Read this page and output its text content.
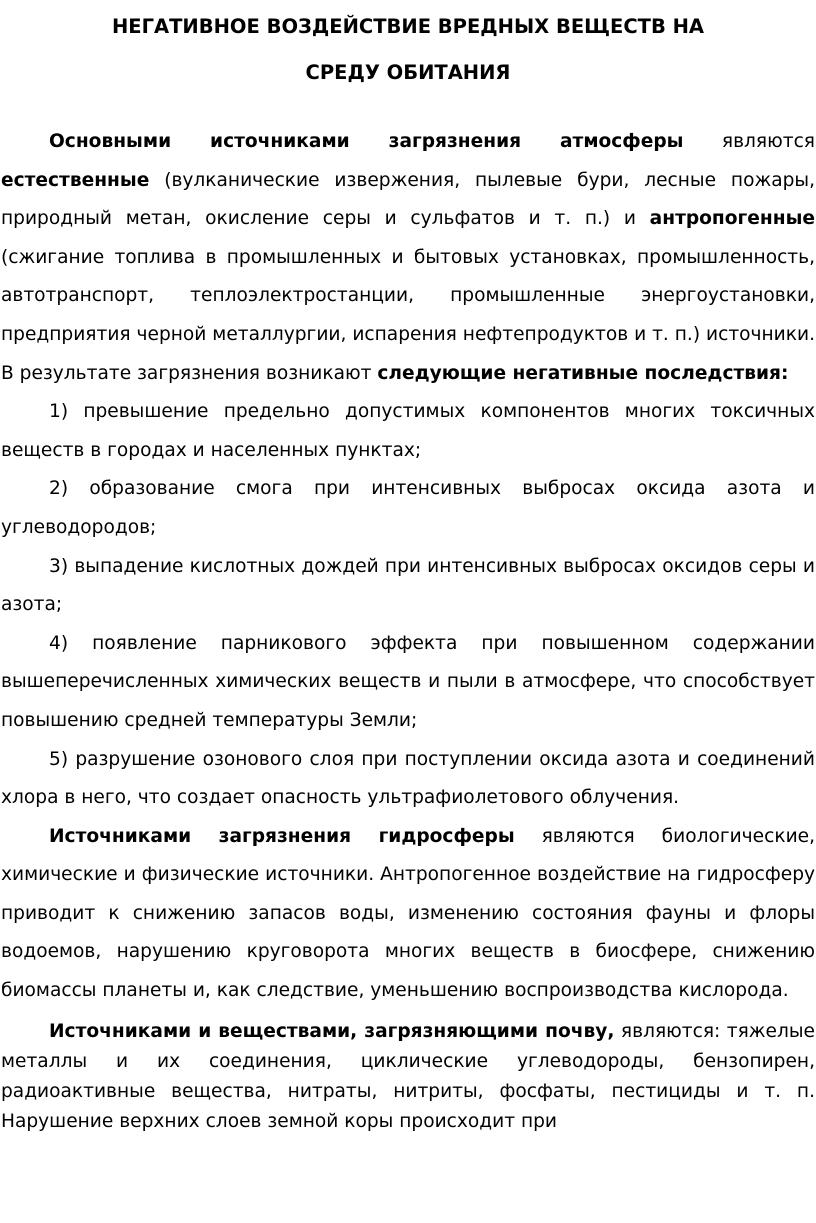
НЕГАТИВНОЕ ВОЗДЕЙСТВИЕ ВРЕДНЫХ ВЕЩЕСТВ НА
СРЕДУ ОБИТАНИЯ

Основными источниками загрязнения атмосферы являются естественные (вулканические извержения, пылевые бури, лесные пожары, природный метан, окисление серы и сульфатов и т. п.) и антропогенные (сжигание топлива в промышленных и бытовых установках, промышленность, автотранспорт, теплоэлектростанции, промышленные энергоустановки, предприятия черной металлургии, испарения нефтепродуктов и т. п.) источники. В результате загрязнения возникают следующие негативные последствия:

1) превышение предельно допустимых компонентов многих токсичных веществ в городах и населенных пунктах;

2) образование смога при интенсивных выбросах оксида азота и углеводородов;

3) выпадение кислотных дождей при интенсивных выбросах оксидов серы и азота;

4) появление парникового эффекта при повышенном содержании вышеперечисленных химических веществ и пыли в атмосфере, что способствует повышению средней температуры Земли;

5) разрушение озонового слоя при поступлении оксида азота и соединений хлора в него, что создает опасность ультрафиолетового облучения.

Источниками загрязнения гидросферы являются биологические, химические и физические источники. Антропогенное воздействие на гидросферу приводит к снижению запасов воды, изменению состояния фауны и флоры водоемов, нарушению круговорота многих веществ в биосфере, снижению биомассы планеты и, как следствие, уменьшению воспроизводства кислорода.

Источниками и веществами, загрязняющими почву, являются: тяжелые металлы и их соединения, циклические углеводороды, бензопирен, радиоактивные вещества, нитраты, нитриты, фосфаты, пестициды и т. п. Нарушение верхних слоев земной коры происходит при
